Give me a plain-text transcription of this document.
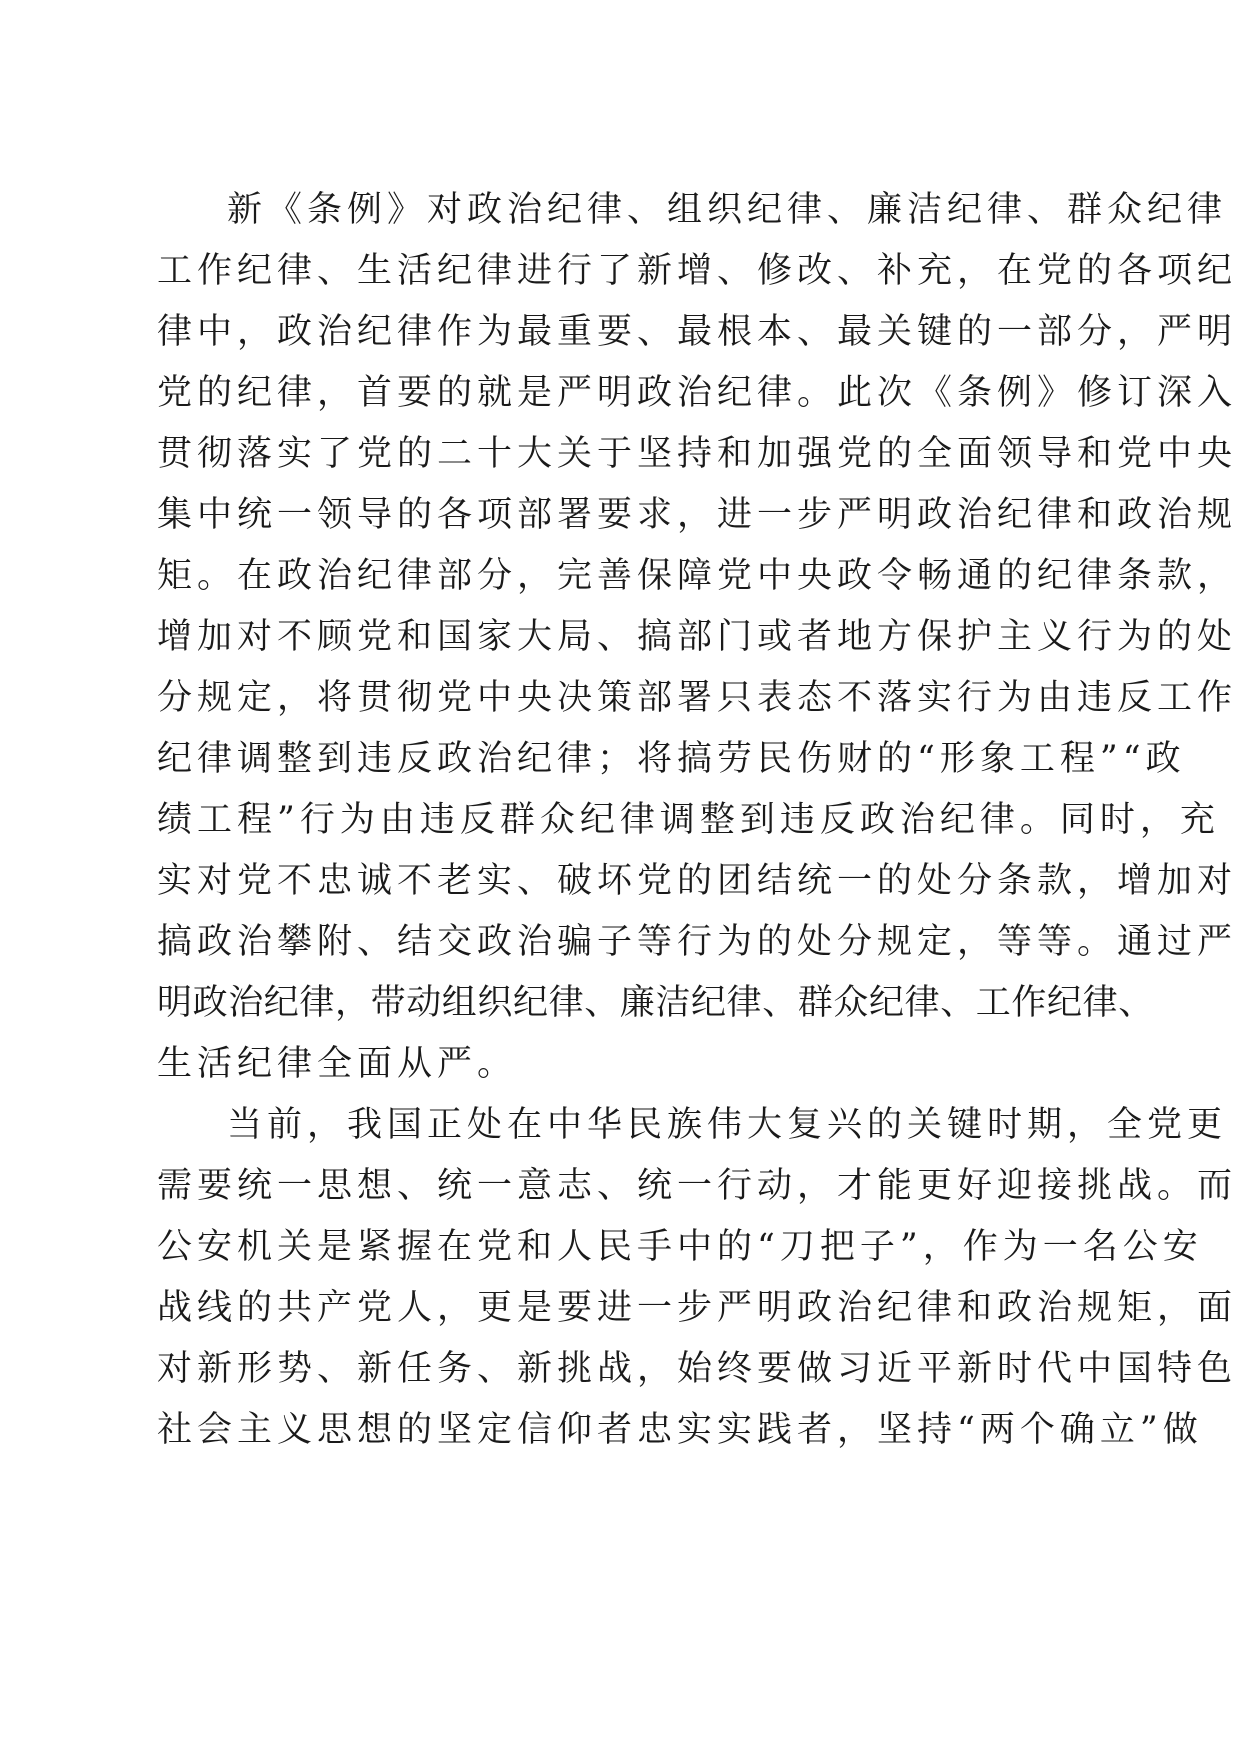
新《条例》对政治纪律、组织纪律、廉洁纪律、群众纪律
工作纪律、生活纪律进行了新增、修改、补充，在党的各项纪
律中，政治纪律作为最重要、最根本、最关键的一部分，严明
党的纪律，首要的就是严明政治纪律。此次《条例》修订深入
贯彻落实了党的二十大关于坚持和加强党的全面领导和党中央
集中统一领导的各项部署要求，进一步严明政治纪律和政治规
矩。在政治纪律部分，完善保障党中央政令畅通的纪律条款，
增加对不顾党和国家大局、搞部门或者地方保护主义行为的处
分规定，将贯彻党中央决策部署只表态不落实行为由违反工作
纪律调整到违反政治纪律；将搞劳民伤财的“形象工程”“政
绩工程”行为由违反群众纪律调整到违反政治纪律。同时，充
实对党不忠诚不老实、破坏党的团结统一的处分条款，增加对
搞政治攀附、结交政治骗子等行为的处分规定，等等。通过严
明政治纪律，带动组织纪律、廉洁纪律、群众纪律、工作纪律、
生活纪律全面从严。
当前，我国正处在中华民族伟大复兴的关键时期，全党更
需要统一思想、统一意志、统一行动，才能更好迎接挑战。而
公安机关是紧握在党和人民手中的“刀把子”，作为一名公安
战线的共产党人，更是要进一步严明政治纪律和政治规矩，面
对新形势、新任务、新挑战，始终要做习近平新时代中国特色
社会主义思想的坚定信仰者忠实实践者，坚持“两个确立”做
